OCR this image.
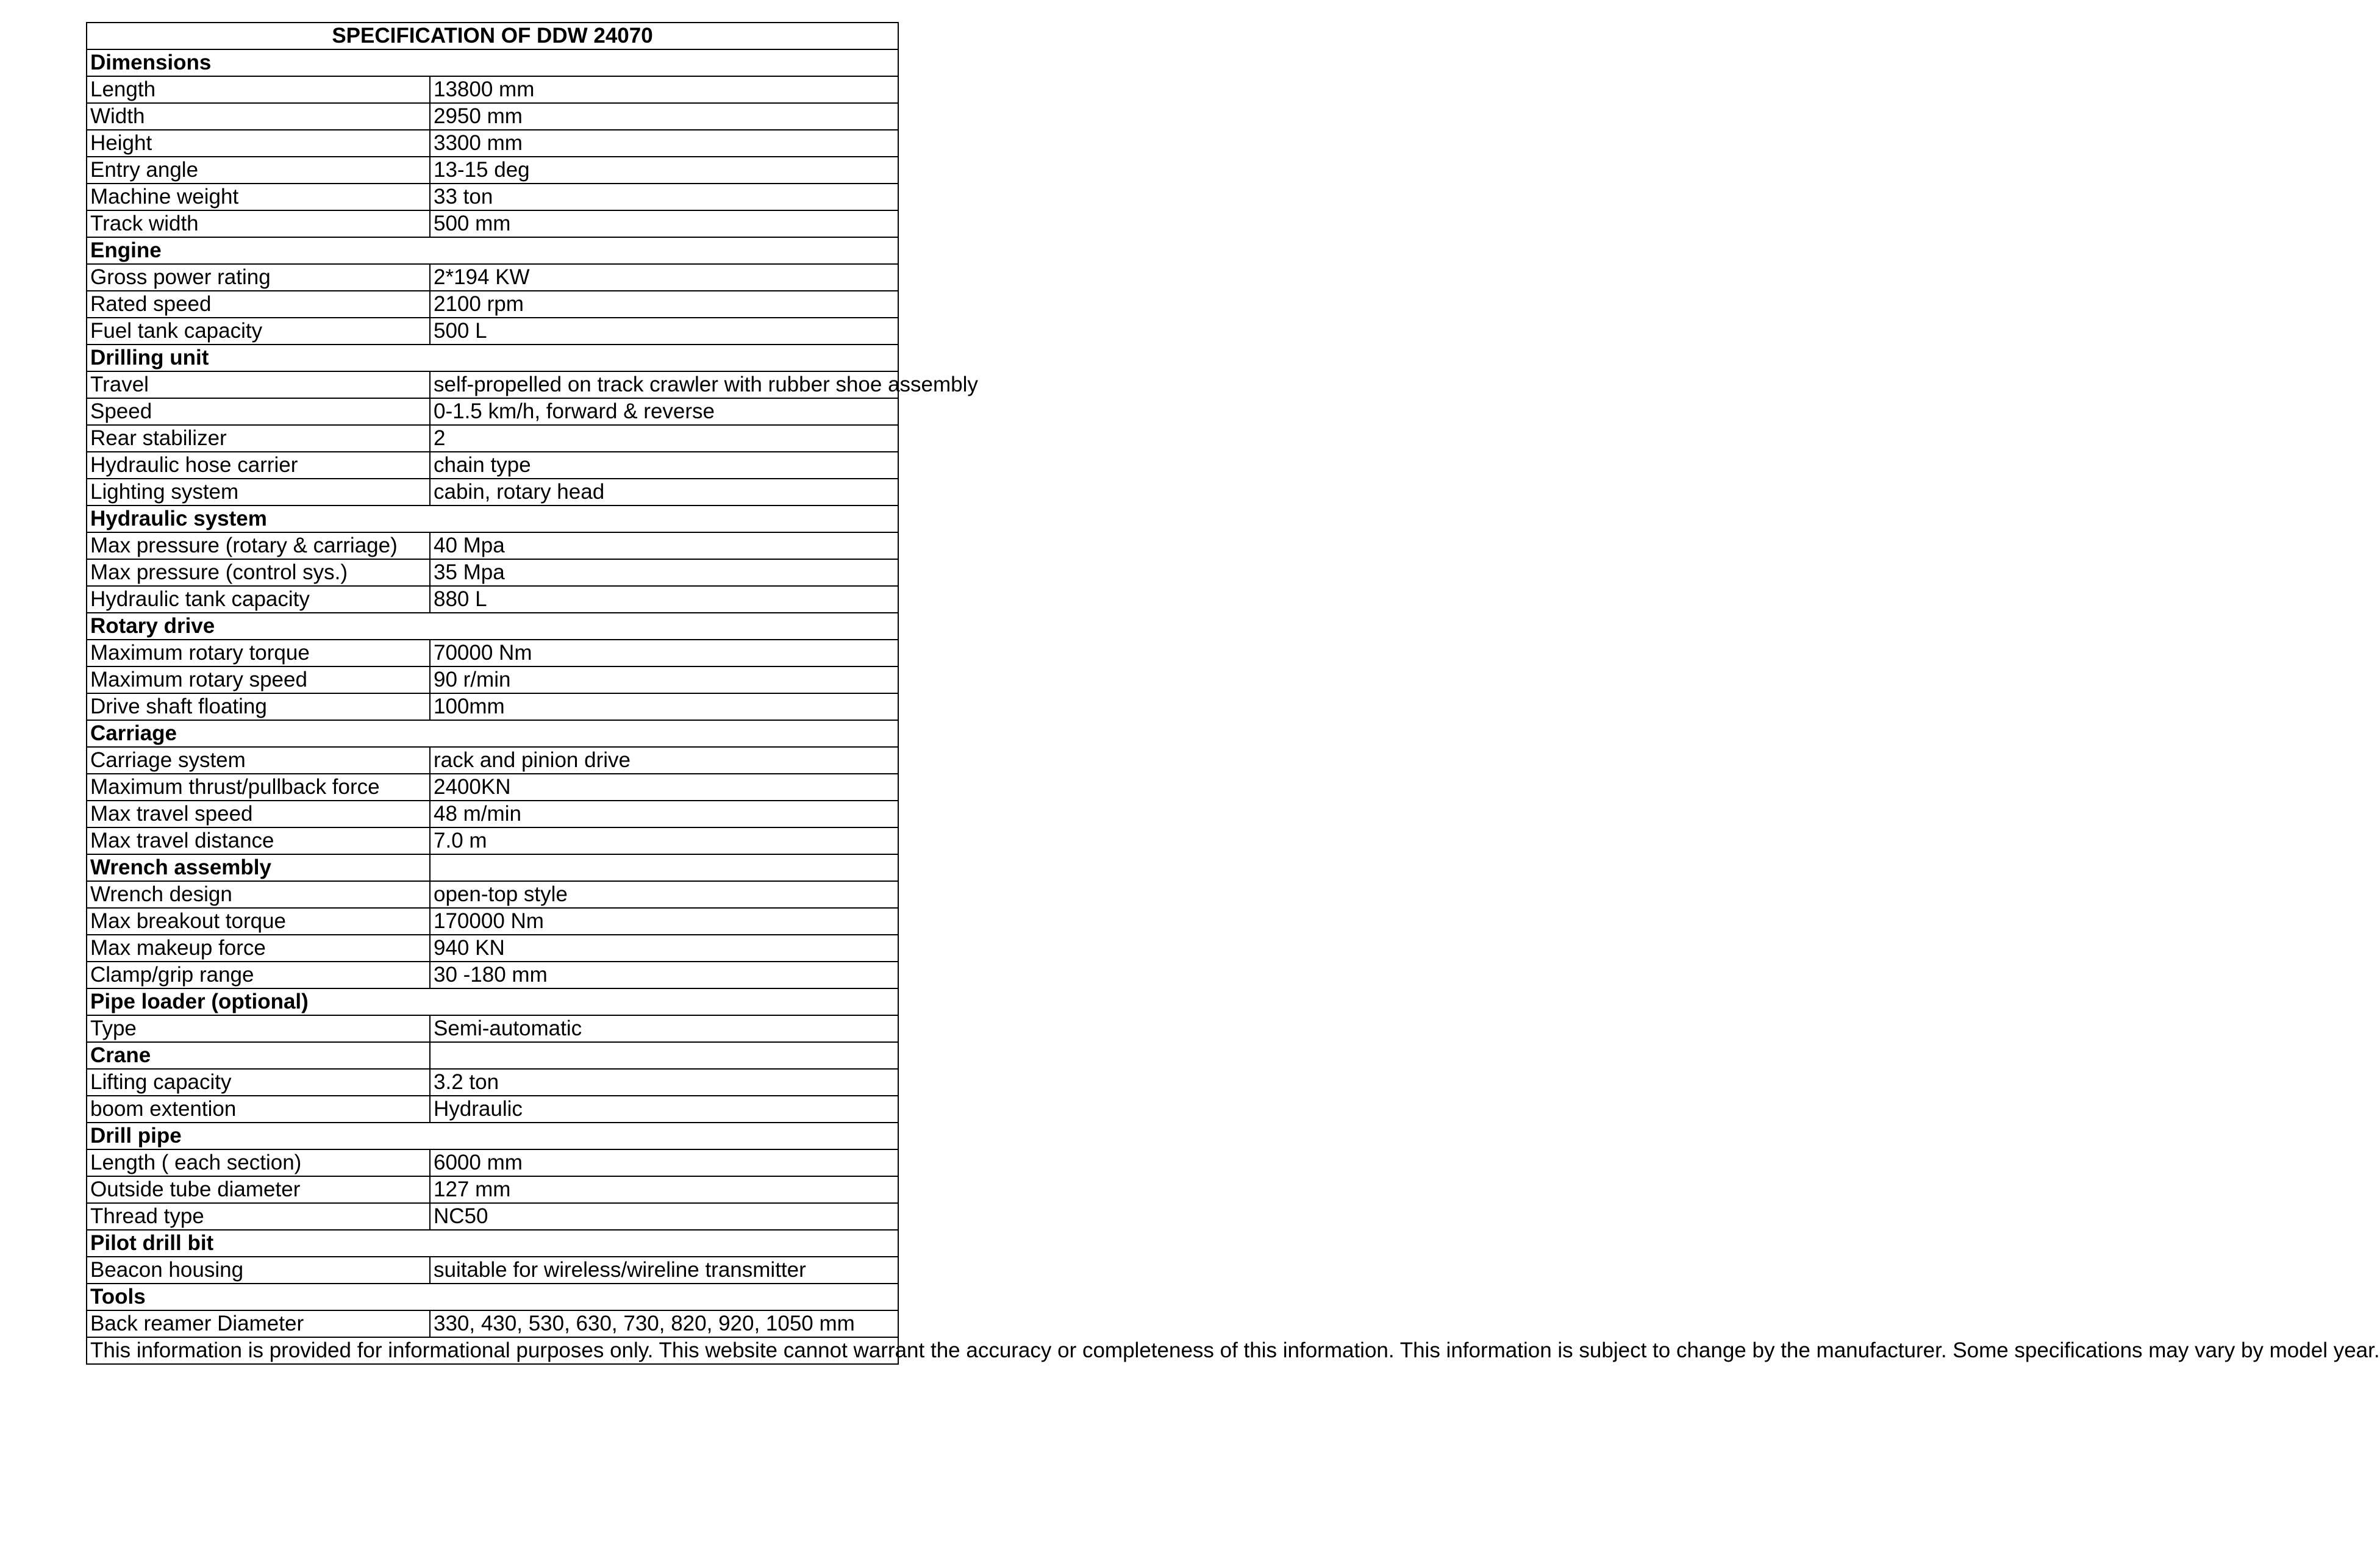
SPECIFICATION OF DDW 24070	
Dimensions	
Length	13800 mm
Width	2950 mm
Height	3300 mm
Entry angle	13-15 deg
Machine weight	33 ton
Track width	500 mm
Engine	
Gross power rating	2*194 KW
Rated speed	2100 rpm
Fuel tank capacity	500 L
Drilling unit	
Travel	self-propelled on track crawler with rubber shoe assembly
Speed	0-1.5 km/h, forward & reverse
Rear stabilizer	2
Hydraulic hose carrier	chain type
Lighting system	cabin, rotary head
Hydraulic system	
Max pressure (rotary & carriage)	40 Mpa
Max pressure (control sys.)	35 Mpa
Hydraulic tank capacity	880 L
Rotary drive	
Maximum rotary torque	70000 Nm
Maximum rotary speed	90 r/min
Drive shaft floating	100mm
Carriage	
Carriage system	rack and pinion drive
Maximum thrust/pullback force	2400KN
Max travel speed	48 m/min
Max travel distance	7.0 m
Wrench assembly	
Wrench design	open-top style
Max breakout torque	170000 Nm
Max makeup force	940 KN
Clamp/grip range	30 -180 mm
Pipe loader (optional)	
Type	Semi-automatic
Crane	
Lifting capacity	3.2 ton
boom extention	Hydraulic
Drill pipe	
Length ( each section)	6000 mm
Outside tube diameter	127 mm
Thread type	NC50
Pilot drill bit	
Beacon housing	suitable for wireless/wireline transmitter
Tools	
Back reamer Diameter	330, 430, 530, 630, 730, 820, 920, 1050 mm
This information is provided for informational purposes only. This website cannot warrant the accuracy or completeness of this information. This information is subject to change by the manufacturer. Some specifications may vary by model year.	
